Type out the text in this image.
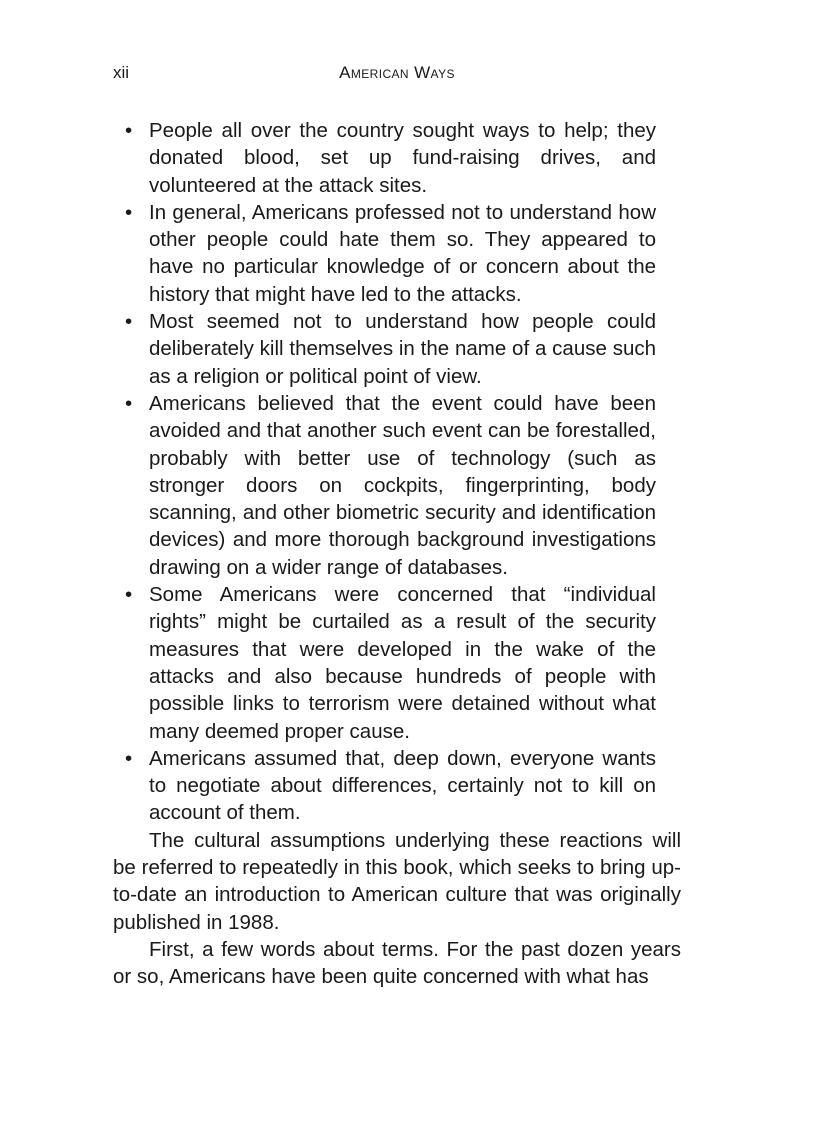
xii	American Ways
• People all over the country sought ways to help; they donated blood, set up fund-raising drives, and volunteered at the attack sites.
• In general, Americans professed not to understand how other people could hate them so. They appeared to have no particular knowledge of or concern about the history that might have led to the attacks.
• Most seemed not to understand how people could deliberately kill themselves in the name of a cause such as a religion or political point of view.
• Americans believed that the event could have been avoided and that another such event can be forestalled, probably with better use of technology (such as stronger doors on cockpits, fingerprinting, body scanning, and other biometric security and identification devices) and more thorough background investigations drawing on a wider range of databases.
• Some Americans were concerned that “individual rights” might be curtailed as a result of the security measures that were developed in the wake of the attacks and also because hundreds of people with possible links to terrorism were detained without what many deemed proper cause.
• Americans assumed that, deep down, everyone wants to negotiate about differences, certainly not to kill on account of them.

The cultural assumptions underlying these reactions will be referred to repeatedly in this book, which seeks to bring up-to-date an introduction to American culture that was originally published in 1988.

First, a few words about terms. For the past dozen years or so, Americans have been quite concerned with what has
